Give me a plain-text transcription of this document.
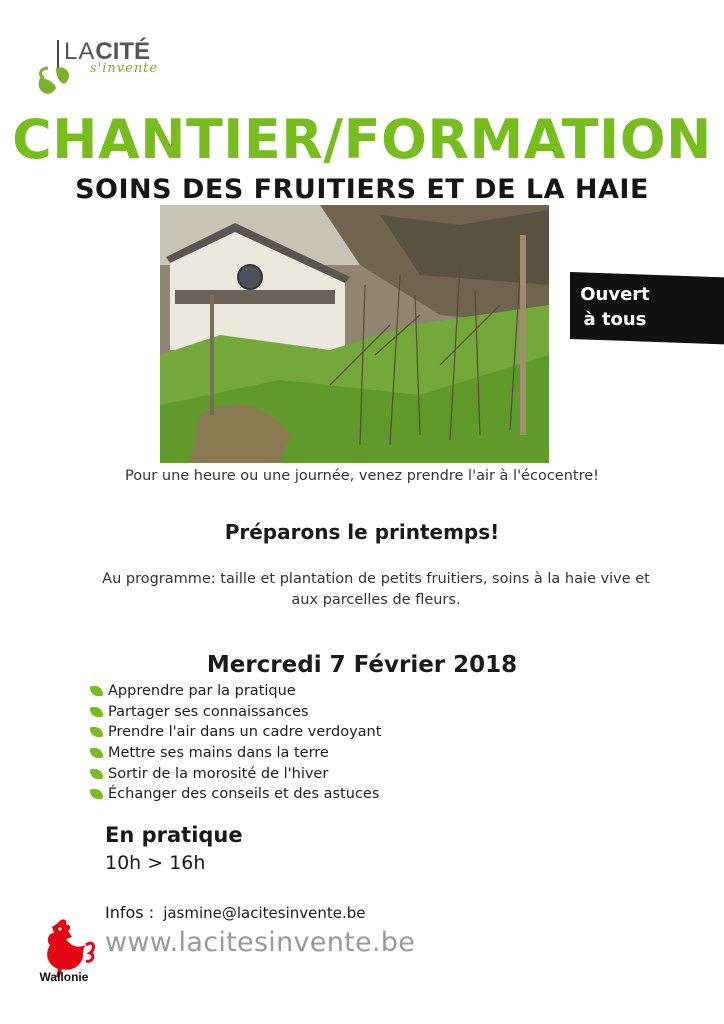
LACITÉ
s'invente
CHANTIER/FORMATION
SOINS DES FRUITIERS ET DE LA HAIE
Ouvert
à tous
Pour une heure ou une journée, venez prendre l'air à l'écocentre!
Préparons le printemps!
Au programme: taille et plantation de petits fruitiers, soins à la haie vive et aux parcelles de fleurs.
Mercredi 7 Février 2018
Apprendre par la pratique
Partager ses connaissances
Prendre l'air dans un cadre verdoyant
Mettre ses mains dans la terre
Sortir de la morosité de l'hiver
Échanger des conseils et des astuces
En pratique
10h > 16h
Infos : jasmine@lacitesinvente.be
www.lacitesinvente.be
Wallonie
